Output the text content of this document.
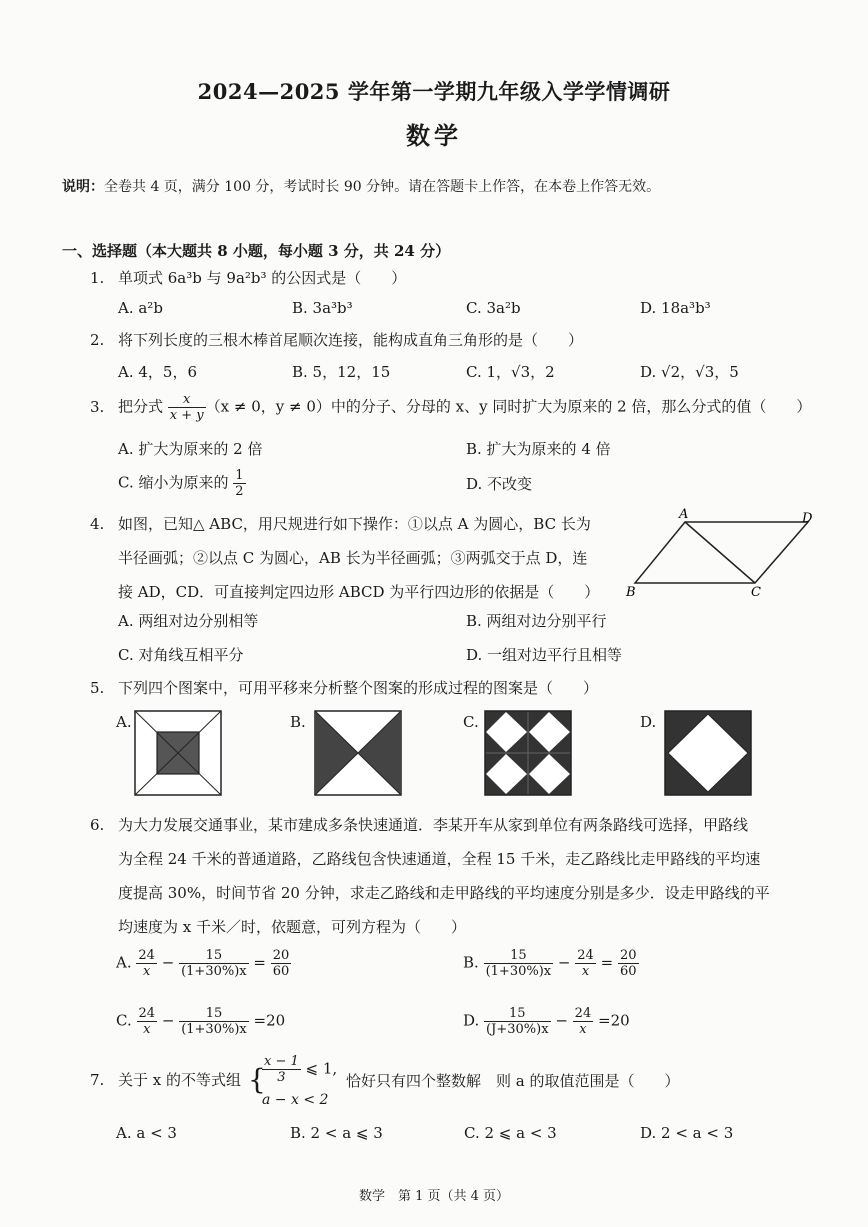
2024—2025 学年第一学期九年级入学学情调研
数学
说明：全卷共 4 页，满分 100 分，考试时长 90 分钟。请在答题卡上作答，在本卷上作答无效。
一、选择题（本大题共 8 小题，每小题 3 分，共 24 分）
1. 单项式 6a³b 与 9a²b³ 的公因式是（　　）
A. a²b	B. 3a³b³	C. 3a²b	D. 18a³b³
2. 将下列长度的三根木棒首尾顺次连接，能构成直角三角形的是（　　）
A. 4，5，6	B. 5，12，15	C. 1，√3，2	D. √2，√3，5
3. 把分式 $\frac{x}{x + y} (x \ne 0$，y ≠ 0）中的分子、分母的 x、y 同时扩大为原来的 2 倍，那么分式的值（　　）
A. 扩大为原来的 2 倍	B. 扩大为原来的 4 倍
C. 缩小为原来的 $\frac{1}{2}$	D. 不改变
4. 如图，已知△ ABC，用尺规进行如下操作：①以点 A 为圆心，BC 长为
半径画弧；②以点 C 为圆心，AB 长为半径画弧；③两弧交于点 D，连
接 AD，CD．可直接判定四边形 ABCD 为平行四边形的依据是（　　）
A	D
B	C
A. 两组对边分别相等	B. 两组对边分别平行
C. 对角线互相平分	D. 一组对边平行且相等
5. 下列四个图案中，可用平移来分析整个图案的形成过程的图案是（　　）
A.	B.	C.	D.
6. 为大力发展交通事业，某市建成多条快速通道．李某开车从家到单位有两条路线可选择，甲路线
为全程 24 千米的普通道路，乙路线包含快速通道，全程 15 千米，走乙路线比走甲路线的平均速
度提高 30%，时间节省 20 分钟，求走乙路线和走甲路线的平均速度分别是多少．设走甲路线的平
均速度为 x 千米／时，依题意，可列方程为（　　）
A. $\frac{24}{x} - \frac{15}{(1+30\%)x} = \frac{20}{60}$	B. $\frac{15}{(1+30\%)x} - \frac{24}{x} = \frac{20}{60}$
C. $\frac{24}{x} - \frac{15}{(1+30\%)x} =20$	D. $\frac{15}{(J+30\%)x} - \frac{24}{x} =20$
7. 关于 x 的不等式组 {
$\frac{x - 1}{3}$ ⩽ 1,
a − x < 2
恰好只有四个整数解　则 a 的取值范围是（　　）
A. a < 3	B. 2 < a ⩽ 3	C. 2 ⩽ a < 3	D. 2 < a < 3
数学　第 1 页（共 4 页）
